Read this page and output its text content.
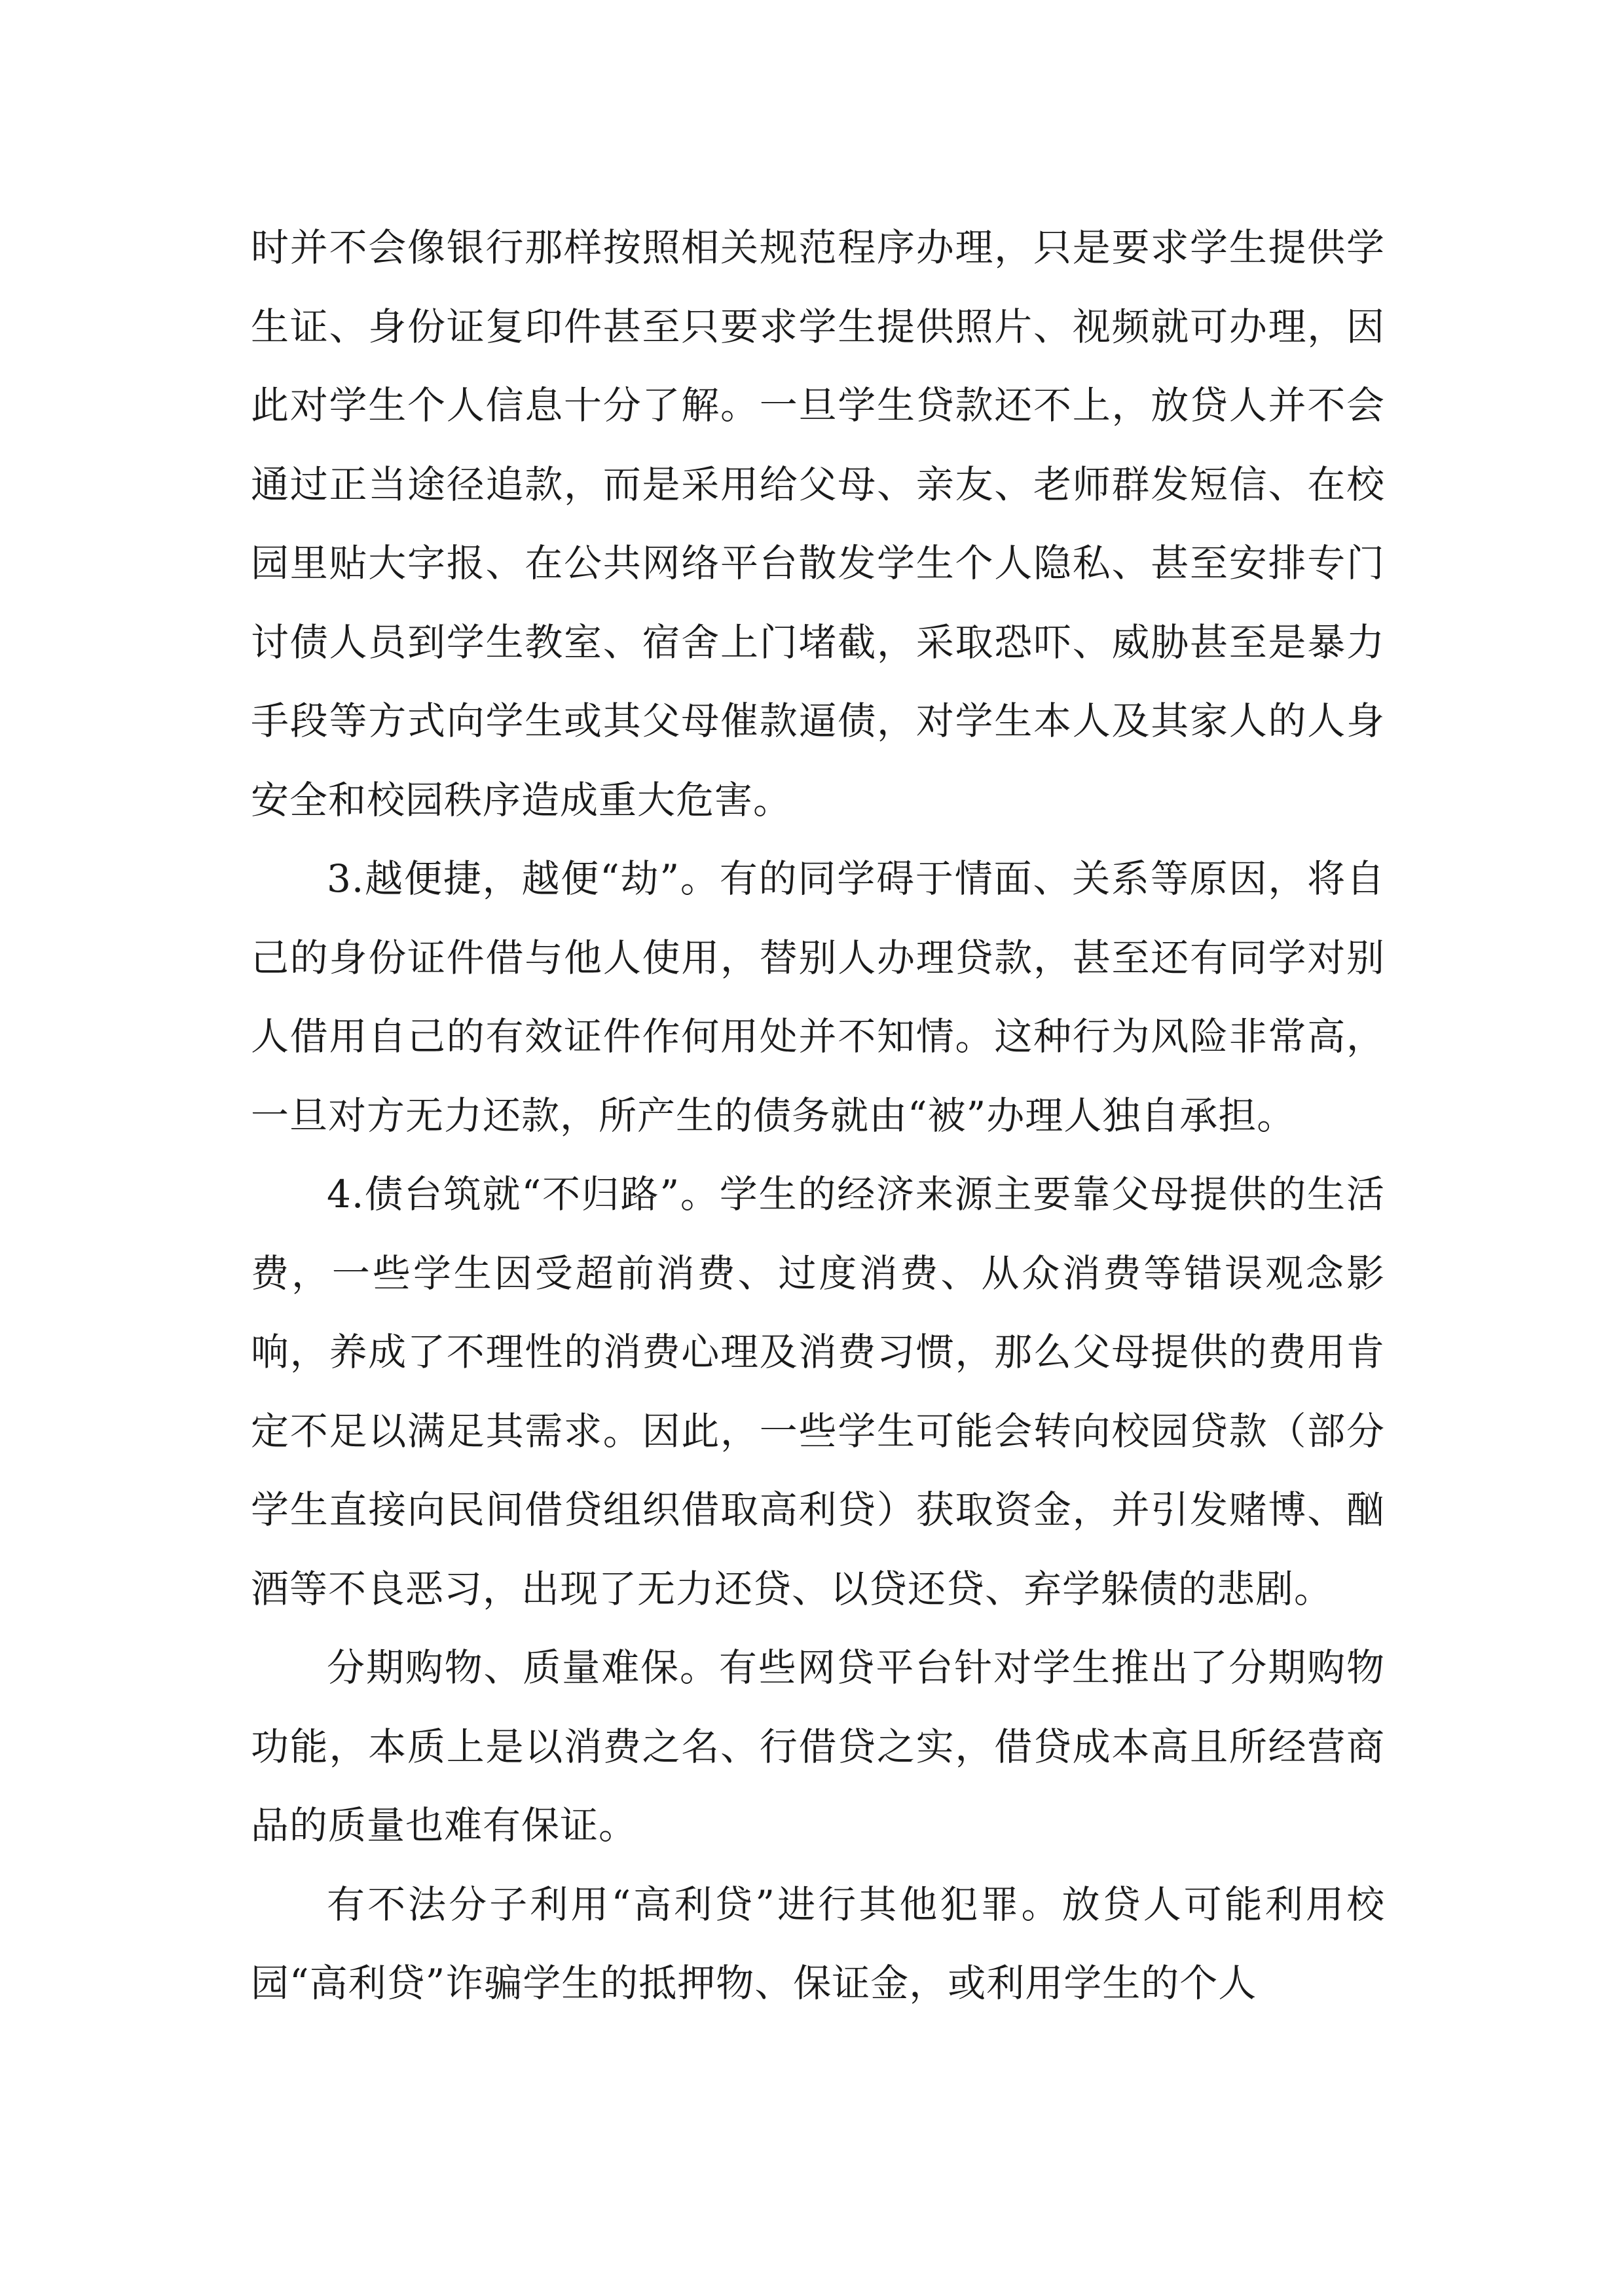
时并不会像银行那样按照相关规范程序办理，只是要求学生提供学生证、身份证复印件甚至只要求学生提供照片、视频就可办理，因此对学生个人信息十分了解。一旦学生贷款还不上，放贷人并不会通过正当途径追款，而是采用给父母、亲友、老师群发短信、在校园里贴大字报、在公共网络平台散发学生个人隐私、甚至安排专门讨债人员到学生教室、宿舍上门堵截，采取恐吓、威胁甚至是暴力手段等方式向学生或其父母催款逼债，对学生本人及其家人的人身安全和校园秩序造成重大危害。

3.越便捷，越便“劫”。有的同学碍于情面、关系等原因，将自己的身份证件借与他人使用，替别人办理贷款，甚至还有同学对别人借用自己的有效证件作何用处并不知情。这种行为风险非常高，一旦对方无力还款，所产生的债务就由“被”办理人独自承担。

4.债台筑就“不归路”。学生的经济来源主要靠父母提供的生活费，一些学生因受超前消费、过度消费、从众消费等错误观念影响，养成了不理性的消费心理及消费习惯，那么父母提供的费用肯定不足以满足其需求。因此，一些学生可能会转向校园贷款（部分学生直接向民间借贷组织借取高利贷）获取资金，并引发赌博、酗酒等不良恶习，出现了无力还贷、以贷还贷、弃学躲债的悲剧。

分期购物、质量难保。有些网贷平台针对学生推出了分期购物功能，本质上是以消费之名、行借贷之实，借贷成本高且所经营商品的质量也难有保证。

有不法分子利用“高利贷”进行其他犯罪。放贷人可能利用校园“高利贷”诈骗学生的抵押物、保证金，或利用学生的个人
